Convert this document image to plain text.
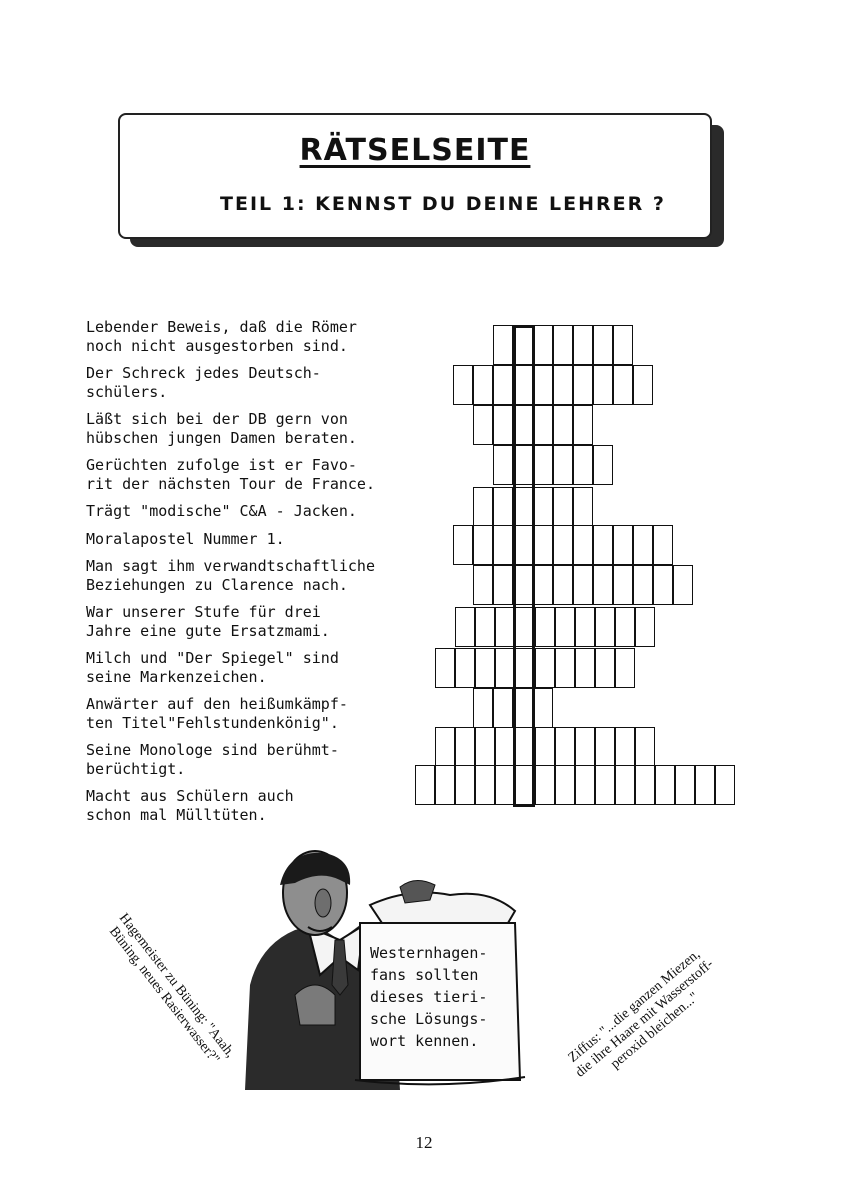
RÄTSELSEITE
TEIL 1: KENNST DU DEINE LEHRER ?
Lebender Beweis, daß die Römer
noch nicht ausgestorben sind.
Der Schreck jedes Deutsch-
schülers.
Läßt sich bei der DB gern von
hübschen jungen Damen beraten.
Gerüchten zufolge ist er Favo-
rit der nächsten Tour de France.
Trägt "modische" C&A - Jacken.
Moralapostel Nummer 1.
Man sagt ihm verwandtschaftliche
Beziehungen zu Clarence nach.
War unserer Stufe für drei
Jahre eine gute Ersatzmami.
Milch und "Der Spiegel" sind
seine Markenzeichen.
Anwärter auf den heißumkämpf-
ten Titel"Fehlstundenkönig".
Seine Monologe sind berühmt-
berüchtigt.
Macht aus Schülern auch
schon mal Mülltüten.
Westernhagen-
fans sollten
dieses tieri-
sche Lösungs-
wort kennen.
Hagemeister zu Büning: "Aaah,
Büning, neues Rasierwasser?"	Ziffus: "...die ganzen Miezen,
die ihre Haare mit Wasserstoff-
peroxid bleichen..."
12
